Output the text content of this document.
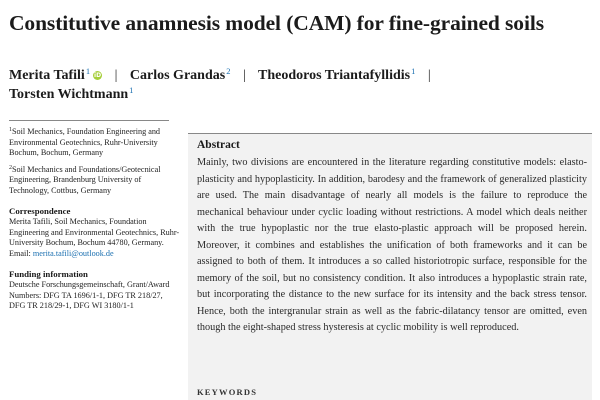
Constitutive anamnesis model (CAM) for fine-grained soils
Merita Tafili$^1$ iD | Carlos Grandas$^2$ | Theodoros Triantafyllidis$^1$ |
Torsten Wichtmann$^1$
$^1$Soil Mechanics, Foundation Engineering and Environmental Geotechnics, Ruhr-University Bochum, Bochum, Germany
$^2$Soil Mechanics and Foundations/Geotecnical Engineering, Brandenburg University of Technology, Cottbus, Germany
Correspondence
Merita Tafili, Soil Mechanics, Foundation Engineering and Environmental Geotechnics, Ruhr-University Bochum, Bochum 44780, Germany.
Email: merita.tafili@outlook.de
Funding information
Deutsche Forschungsgemeinschaft, Grant/Award Numbers: DFG TA 1696/1-1, DFG TR 218/27, DFG TR 218/29-1, DFG WI 3180/1-1
Abstract
Mainly, two divisions are encountered in the literature regarding constitutive models: elasto-plasticity and hypoplasticity. In addition, barodesy and the framework of generalized plasticity are used. The main disadvantage of nearly all models is the failure to reproduce the mechanical behaviour under cyclic loading without restrictions. A model which deals neither with the true hypoplastic nor the true elasto-plastic approach will be proposed herein. Moreover, it combines and establishes the unification of both frameworks and it can be assigned to both of them. It introduces a so called historiotropic surface, responsible for the memory of the soil, but no consistency condition. It also introduces a hypoplastic strain rate, but incorporating the distance to the new surface for its intensity and the back stress tensor. Hence, both the intergranular strain as well as the fabric-dilatancy tensor are omitted, even though the eight-shaped stress hysteresis at cyclic mobility is well reproduced.
KEYWORDS
